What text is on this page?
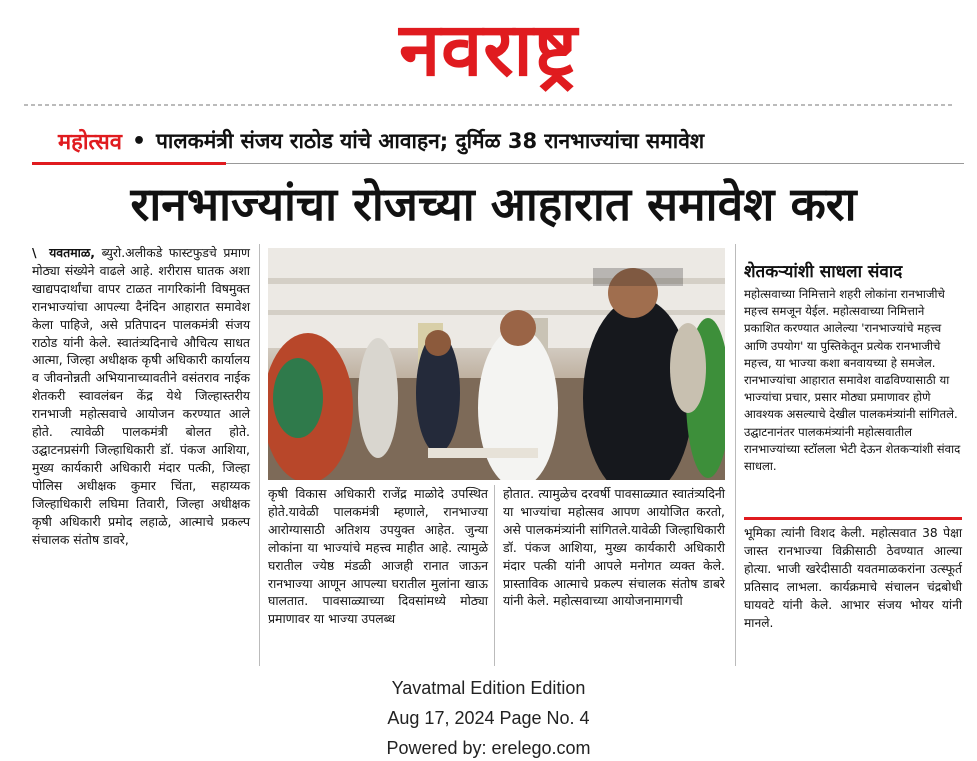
नवराष्ट्र
महोत्सव • पालकमंत्री संजय राठोड यांचे आवाहन; दुर्मिळ 38 रानभाज्यांचा समावेश
रानभाज्यांचा रोजच्या आहारात समावेश करा

\ यवतमाळ, ब्युरो.अलीकडे फास्टफुडचे प्रमाण मोठ्या संख्येने वाढले आहे. शरीरास घातक अशा खाद्यपदार्थांचा वापर टाळत नागरिकांनी विषमुक्त रानभाज्यांचा आपल्या दैनंदिन आहारात समावेश केला पाहिजे, असे प्रतिपादन पालकमंत्री संजय राठोड यांनी केले. स्वातंत्र्यदिनाचे औचित्य साधत आत्मा, जिल्हा अधीक्षक कृषी अधिकारी कार्यालय व जीवनोन्नती अभियानाच्यावतीने वसंतराव नाईक शेतकरी स्वावलंबन केंद्र येथे जिल्हास्तरीय रानभाजी महोत्सवाचे आयोजन करण्यात आले होते. त्यावेळी पालकमंत्री बोलत होते. उद्घाटनप्रसंगी जिल्हाधिकारी डॉ. पंकज आशिया, मुख्य कार्यकारी अधिकारी मंदार पत्की, जिल्हा पोलिस अधीक्षक कुमार चिंता, सहाय्यक जिल्हाधिकारी लघिमा तिवारी, जिल्हा अधीक्षक कृषी अधिकारी प्रमोद लहाळे, आत्माचे प्रकल्प संचालक संतोष डावरे,

कृषी विकास अधिकारी राजेंद्र माळोदे उपस्थित होते.यावेळी पालकमंत्री म्हणाले, रानभाज्या आरोग्यासाठी अतिशय उपयुक्त आहेत. जुन्या लोकांना या भाज्यांचे महत्त्व माहीत आहे. त्यामुळे घरातील ज्येष्ठ मंडळी आजही रानात जाऊन रानभाज्या आणून आपल्या घरातील मुलांना खाऊ घालतात. पावसाळ्याच्या दिवसांमध्ये मोठ्या प्रमाणावर या भाज्या उपलब्ध

होतात. त्यामुळेच दरवर्षी पावसाळ्यात स्वातंत्र्यदिनी या भाज्यांचा महोत्सव आपण आयोजित करतो, असे पालकमंत्र्यांनी सांगितले.यावेळी जिल्हाधिकारी डॉ. पंकज आशिया, मुख्य कार्यकारी अधिकारी मंदार पत्की यांनी आपले मनोगत व्यक्त केले. प्रास्ताविक आत्माचे प्रकल्प संचालक संतोष डाबरे यांनी केले. महोत्सवाच्या आयोजनामागची

शेतकऱ्यांशी साधला संवाद

महोत्सवाच्या निमित्ताने शहरी लोकांना रानभाजीचे महत्त्व समजून येईल. महोत्सवाच्या निमित्ताने प्रकाशित करण्यात आलेल्या 'रानभाज्यांचे महत्त्व आणि उपयोग' या पुस्तिकेतून प्रत्येक रानभाजीचे महत्त्व, या भाज्या कशा बनवायच्या हे समजेल. रानभाज्यांचा आहारात समावेश वाढविण्यासाठी या भाज्यांचा प्रचार, प्रसार मोठ्या प्रमाणावर होणे आवश्यक असल्याचे देखील पालकमंत्र्यांनी सांगितले. उद्घाटनानंतर पालकमंत्र्यांनी महोत्सवातील रानभाज्यांच्या स्टॉलला भेटी देऊन शेतकऱ्यांशी संवाद साधला.

भूमिका त्यांनी विशद केली. महोत्सवात 38 पेक्षा जास्त रानभाज्या विक्रीसाठी ठेवण्यात आल्या होत्या. भाजी खरेदीसाठी यवतमाळकरांना उत्स्फूर्त प्रतिसाद लाभला. कार्यक्रमाचे संचालन चंद्रबोधी घायवटे यांनी केले. आभार संजय भोयर यांनी मानले.

Yavatmal Edition Edition
Aug 17, 2024 Page No. 4
Powered by: erelego.com
